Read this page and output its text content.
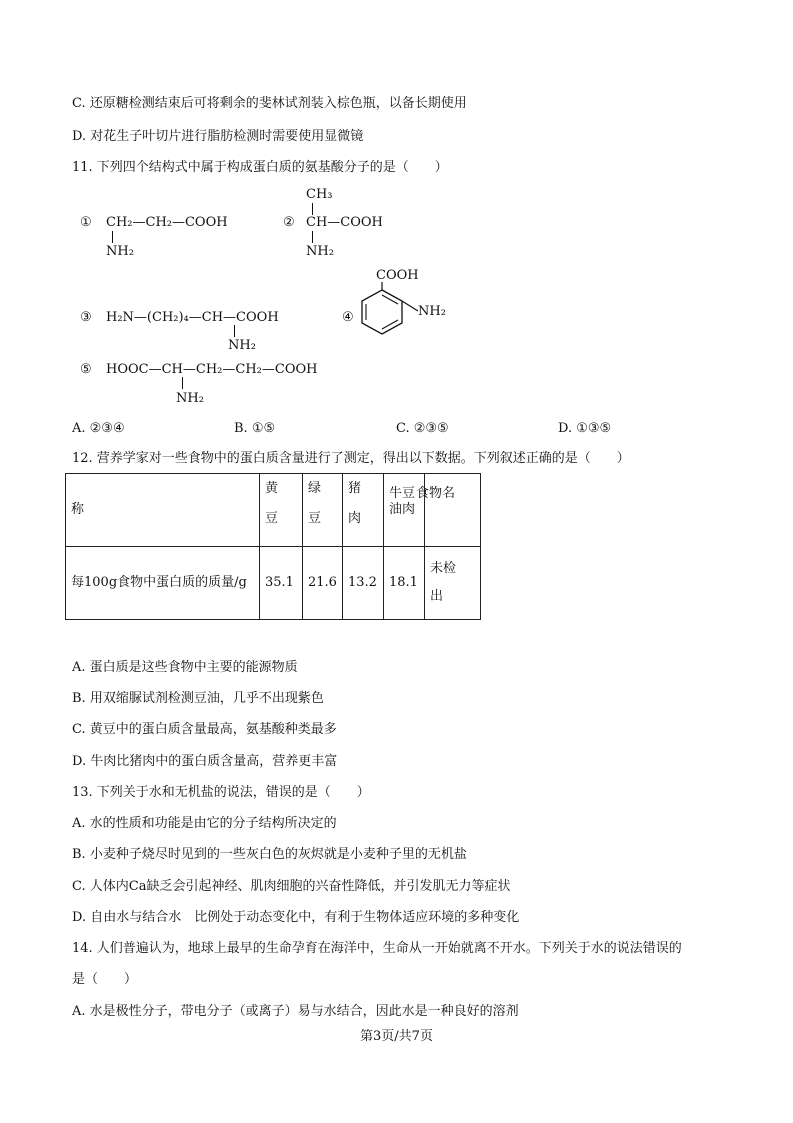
C. 还原糖检测结束后可将剩余的斐林试剂装入棕色瓶，以备长期使用
D. 对花生子叶切片进行脂肪检测时需要使用显微镜
11. 下列四个结构式中属于构成蛋白质的氨基酸分子的是（　　）
① CH₂—CH₂—COOH
NH₂
②
CH₃
CH—COOH
NH₂
③ H₂N—(CH₂)₄—CH—COOH
NH₂
④
COOH
NH₂
⑤ HOOC—CH—CH₂—CH₂—COOH
NH₂
A. ②③④	B. ①⑤	C. ②③⑤	D. ①③⑤
12. 营养学家对一些食物中的蛋白质含量进行了测定，得出以下数据。下列叙述正确的是（　　）
称	黄豆	绿豆	猪肉	牛豆油肉	食物名

每100g食物中蛋白质的质量/g	35.1	21.6	13.2	18.1	未检出
A. 蛋白质是这些食物中主要的能源物质
B. 用双缩脲试剂检测豆油，几乎不出现紫色
C. 黄豆中的蛋白质含量最高，氨基酸种类最多
D. 牛肉比猪肉中的蛋白质含量高，营养更丰富
13. 下列关于水和无机盐的说法，错误的是（　　）
A. 水的性质和功能是由它的分子结构所决定的
B. 小麦种子烧尽时见到的一些灰白色的灰烬就是小麦种子里的无机盐
C. 人体内Ca缺乏会引起神经、肌肉细胞的兴奋性降低，并引发肌无力等症状
D. 自由水与结合水　比例处于动态变化中，有利于生物体适应环境的多种变化
14. 人们普遍认为，地球上最早的生命孕育在海洋中，生命从一开始就离不开水。下列关于水的说法错误的
是（　　）
A. 水是极性分子，带电分子（或离子）易与水结合，因此水是一种良好的溶剂
第3页/共7页
